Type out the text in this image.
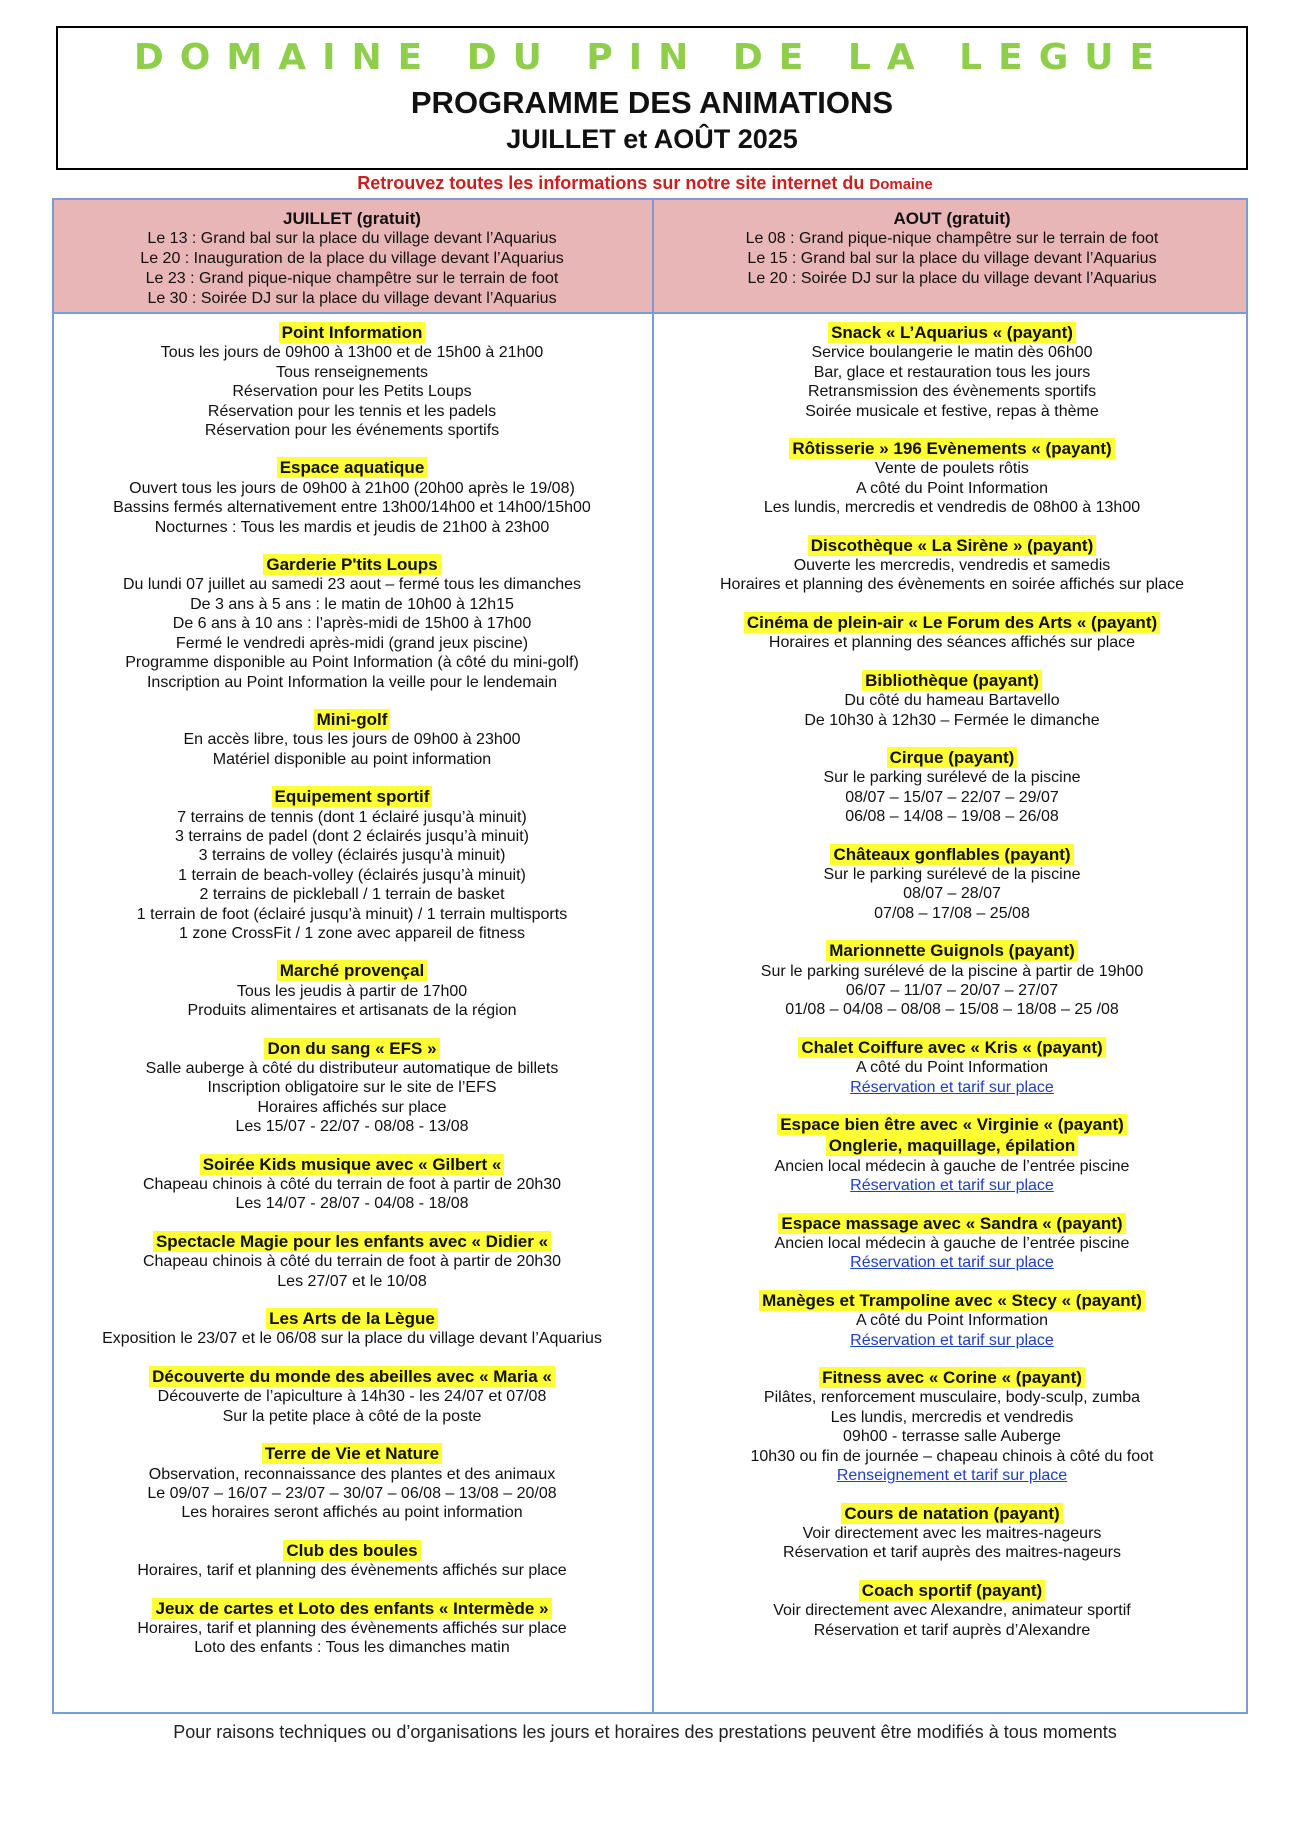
DOMAINE DU PIN DE LA LEGUE
PROGRAMME DES ANIMATIONS
JUILLET et AOÛT 2025
Retrouvez toutes les informations sur notre site internet du Domaine
JUILLET (gratuit)
Le 13 : Grand bal sur la place du village devant l’Aquarius
Le 20 : Inauguration de la place du village devant l’Aquarius
Le 23 : Grand pique-nique champêtre sur le terrain de foot
Le 30 : Soirée DJ sur la place du village devant l’Aquarius
AOUT (gratuit)
Le 08 : Grand pique-nique champêtre sur le terrain de foot
Le 15 : Grand bal sur la place du village devant l’Aquarius
Le 20 : Soirée DJ sur la place du village devant l’Aquarius
Point Information
Tous les jours de 09h00 à 13h00 et de 15h00 à 21h00
Tous renseignements
Réservation pour les Petits Loups
Réservation pour les tennis et les padels
Réservation pour les événements sportifs
Espace aquatique
Ouvert tous les jours de 09h00 à 21h00 (20h00 après le 19/08)
Bassins fermés alternativement entre 13h00/14h00 et 14h00/15h00
Nocturnes : Tous les mardis et jeudis de 21h00 à 23h00
Garderie P'tits Loups
Du lundi 07 juillet au samedi 23 aout – fermé tous les dimanches
De 3 ans à 5 ans : le matin de 10h00 à 12h15
De 6 ans à 10 ans : l’après-midi de 15h00 à 17h00
Fermé le vendredi après-midi (grand jeux piscine)
Programme disponible au Point Information (à côté du mini-golf)
Inscription au Point Information la veille pour le lendemain
Mini-golf
En accès libre, tous les jours de 09h00 à 23h00
Matériel disponible au point information
Equipement sportif
7 terrains de tennis (dont 1 éclairé jusqu’à minuit)
3 terrains de padel (dont 2 éclairés jusqu’à minuit)
3 terrains de volley (éclairés jusqu’à minuit)
1 terrain de beach-volley (éclairés jusqu’à minuit)
2 terrains de pickleball / 1 terrain de basket
1 terrain de foot (éclairé jusqu’à minuit) / 1 terrain multisports
1 zone CrossFit / 1 zone avec appareil de fitness
Marché provençal
Tous les jeudis à partir de 17h00
Produits alimentaires et artisanats de la région
Don du sang « EFS »
Salle auberge à côté du distributeur automatique de billets
Inscription obligatoire sur le site de l’EFS
Horaires affichés sur place
Les 15/07 - 22/07 - 08/08 - 13/08
Soirée Kids musique avec « Gilbert «
Chapeau chinois à côté du terrain de foot à partir de 20h30
Les 14/07 - 28/07 - 04/08 - 18/08
Spectacle Magie pour les enfants avec « Didier «
Chapeau chinois à côté du terrain de foot à partir de 20h30
Les 27/07 et le 10/08
Les Arts de la Lègue
Exposition le 23/07 et le 06/08 sur la place du village devant l’Aquarius
Découverte du monde des abeilles avec « Maria «
Découverte de l’apiculture à 14h30 - les 24/07 et 07/08
Sur la petite place à côté de la poste
Terre de Vie et Nature
Observation, reconnaissance des plantes et des animaux
Le 09/07 – 16/07 – 23/07 – 30/07 – 06/08 – 13/08 – 20/08
Les horaires seront affichés au point information
Club des boules
Horaires, tarif et planning des évènements affichés sur place
Jeux de cartes et Loto des enfants « Intermède »
Horaires, tarif et planning des évènements affichés sur place
Loto des enfants : Tous les dimanches matin
Snack « L’Aquarius « (payant)
Service boulangerie le matin dès 06h00
Bar, glace et restauration tous les jours
Retransmission des évènements sportifs
Soirée musicale et festive, repas à thème
Rôtisserie » 196 Evènements « (payant)
Vente de poulets rôtis
A côté du Point Information
Les lundis, mercredis et vendredis de 08h00 à 13h00
Discothèque « La Sirène » (payant)
Ouverte les mercredis, vendredis et samedis
Horaires et planning des évènements en soirée affichés sur place
Cinéma de plein-air « Le Forum des Arts « (payant)
Horaires et planning des séances affichés sur place
Bibliothèque (payant)
Du côté du hameau Bartavello
De 10h30 à 12h30 – Fermée le dimanche
Cirque (payant)
Sur le parking surélevé de la piscine
08/07 – 15/07 – 22/07 – 29/07
06/08 – 14/08 – 19/08 – 26/08
Châteaux gonflables (payant)
Sur le parking surélevé de la piscine
08/07 – 28/07
07/08 – 17/08 – 25/08
Marionnette Guignols (payant)
Sur le parking surélevé de la piscine à partir de 19h00
06/07 – 11/07 – 20/07 – 27/07
01/08 – 04/08 – 08/08 – 15/08 – 18/08 – 25 /08
Chalet Coiffure avec « Kris « (payant)
A côté du Point Information
Réservation et tarif sur place
Espace bien être avec « Virginie « (payant)
Onglerie, maquillage, épilation
Ancien local médecin à gauche de l’entrée piscine
Réservation et tarif sur place
Espace massage avec « Sandra « (payant)
Ancien local médecin à gauche de l’entrée piscine
Réservation et tarif sur place
Manèges et Trampoline avec « Stecy « (payant)
A côté du Point Information
Réservation et tarif sur place
Fitness avec « Corine « (payant)
Pilâtes, renforcement musculaire, body-sculp, zumba
Les lundis, mercredis et vendredis
09h00 - terrasse salle Auberge
10h30 ou fin de journée – chapeau chinois à côté du foot
Renseignement et tarif sur place
Cours de natation (payant)
Voir directement avec les maitres-nageurs
Réservation et tarif auprès des maitres-nageurs
Coach sportif (payant)
Voir directement avec Alexandre, animateur sportif
Réservation et tarif auprès d’Alexandre
Pour raisons techniques ou d’organisations les jours et horaires des prestations peuvent être modifiés à tous moments
